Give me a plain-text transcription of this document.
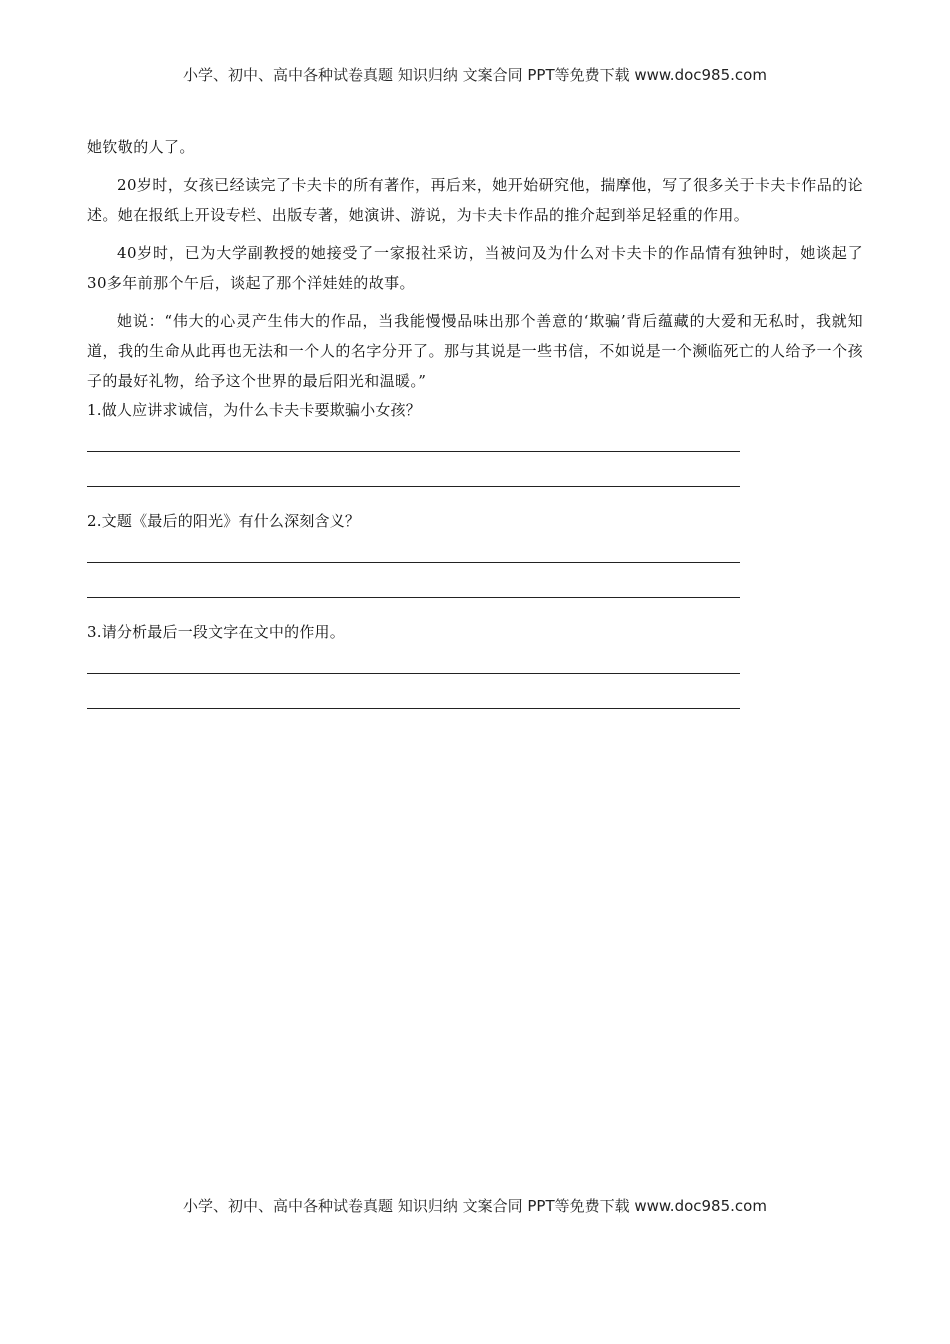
小学、初中、高中各种试卷真题 知识归纳 文案合同 PPT等免费下载 www.doc985.com

她钦敬的人了。

20岁时，女孩已经读完了卡夫卡的所有著作，再后来，她开始研究他，揣摩他，写了很多关于卡夫卡作品的论述。她在报纸上开设专栏、出版专著，她演讲、游说，为卡夫卡作品的推介起到举足轻重的作用。

40岁时，已为大学副教授的她接受了一家报社采访，当被问及为什么对卡夫卡的作品情有独钟时，她谈起了30多年前那个午后，谈起了那个洋娃娃的故事。

她说：“伟大的心灵产生伟大的作品，当我能慢慢品味出那个善意的‘欺骗’背后蕴藏的大爱和无私时，我就知道，我的生命从此再也无法和一个人的名字分开了。那与其说是一些书信，不如说是一个濒临死亡的人给予一个孩子的最好礼物，给予这个世界的最后阳光和温暖。”

1.做人应讲求诚信，为什么卡夫卡要欺骗小女孩？

2.文题《最后的阳光》有什么深刻含义？

3.请分析最后一段文字在文中的作用。

小学、初中、高中各种试卷真题 知识归纳 文案合同 PPT等免费下载 www.doc985.com
